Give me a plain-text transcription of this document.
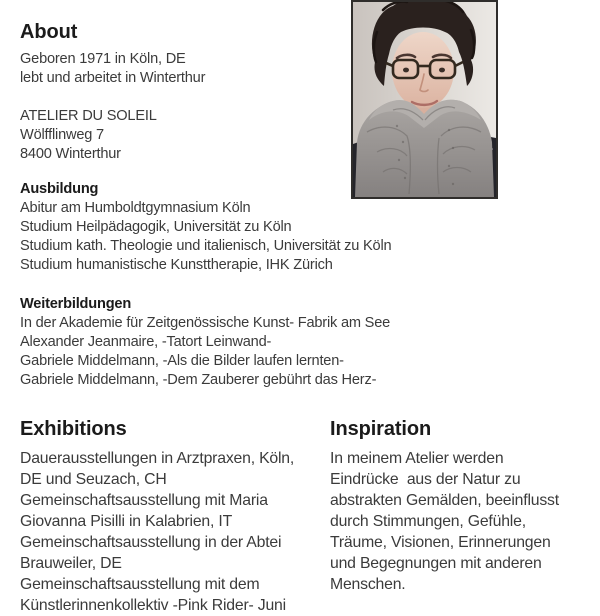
About
Geboren 1971 in Köln, DE
lebt und arbeitet in Winterthur
ATELIER DU SOLEIL
Wölfflinweg 7
8400 Winterthur
Ausbildung
Abitur am Humboldtgymnasium Köln
Studium Heilpädagogik, Universität zu Köln
Studium kath. Theologie und italienisch, Universität zu Köln
Studium humanistische Kunsttherapie, IHK Zürich
Weiterbildungen
In der Akademie für Zeitgenössische Kunst- Fabrik am See
Alexander Jeanmaire, -Tatort Leinwand-
Gabriele Middelmann, -Als die Bilder laufen lernten-
Gabriele Middelmann, -Dem Zauberer gebührt das Herz-
Exhibitions
Dauerausstellungen in Arztpraxen, Köln,
DE und Seuzach, CH
Gemeinschaftsausstellung mit Maria
Giovanna Pisilli in Kalabrien, IT
Gemeinschaftsausstellung in der Abtei
Brauweiler, DE
Gemeinschaftsausstellung mit dem
Künstlerinnenkollektiv -Pink Rider- Juni
Inspiration
In meinem Atelier werden
Eindrücke  aus der Natur zu
abstrakten Gemälden, beeinflusst
durch Stimmungen, Gefühle,
Träume, Visionen, Erinnerungen
und Begegnungen mit anderen
Menschen.
